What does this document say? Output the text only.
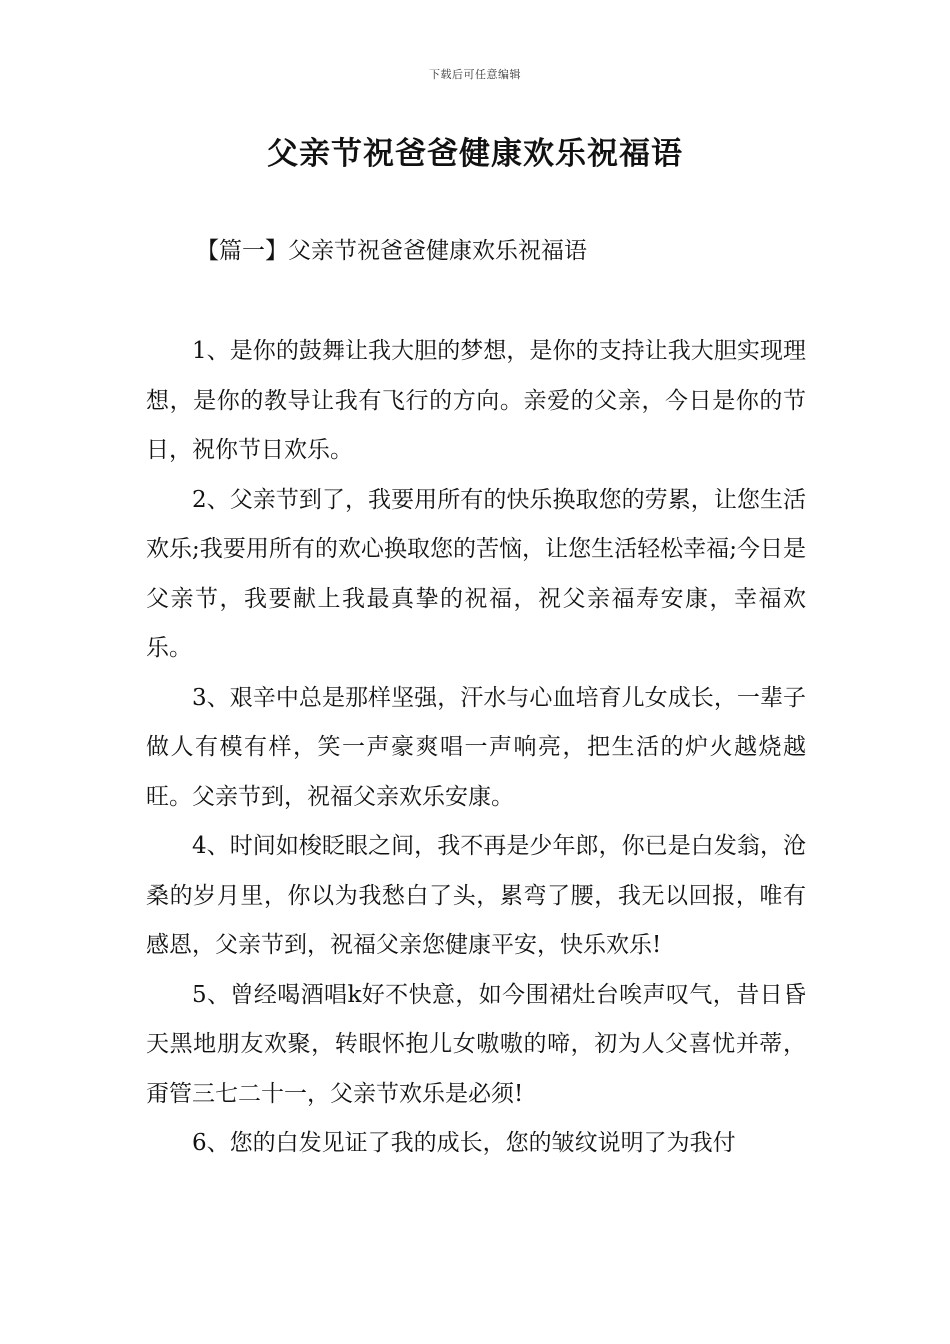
下载后可任意编辑
父亲节祝爸爸健康欢乐祝福语
【篇一】父亲节祝爸爸健康欢乐祝福语

1、是你的鼓舞让我大胆的梦想，是你的支持让我大胆实现理想，是你的教导让我有飞行的方向。亲爱的父亲，今日是你的节日，祝你节日欢乐。

2、父亲节到了，我要用所有的快乐换取您的劳累，让您生活欢乐;我要用所有的欢心换取您的苦恼，让您生活轻松幸福;今日是父亲节，我要献上我最真挚的祝福，祝父亲福寿安康，幸福欢乐。

3、艰辛中总是那样坚强，汗水与心血培育儿女成长，一辈子做人有模有样，笑一声豪爽唱一声响亮，把生活的炉火越烧越旺。父亲节到，祝福父亲欢乐安康。

4、时间如梭眨眼之间，我不再是少年郎，你已是白发翁，沧桑的岁月里，你以为我愁白了头，累弯了腰，我无以回报，唯有感恩，父亲节到，祝福父亲您健康平安，快乐欢乐!

5、曾经喝酒唱k好不快意，如今围裙灶台唉声叹气，昔日昏天黑地朋友欢聚，转眼怀抱儿女嗷嗷的啼，初为人父喜忧并蒂，甭管三七二十一，父亲节欢乐是必须!

6、您的白发见证了我的成长，您的皱纹说明了为我付
